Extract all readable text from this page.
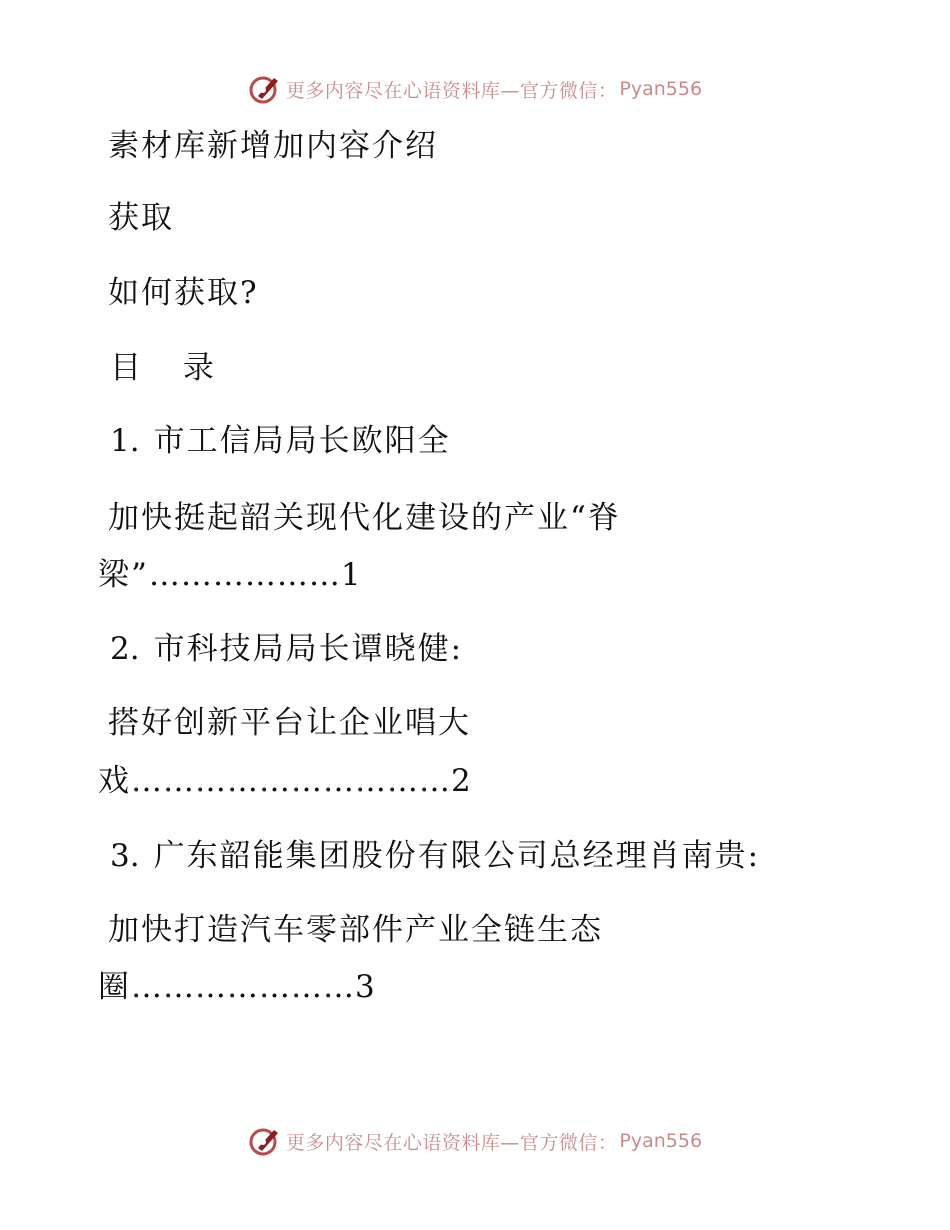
更多内容尽在心语资料库—官方微信： Pyan556
素材库新增加内容介绍
获取
如何获取?
目 录
1. 市工信局局长欧阳全
加快挺起韶关现代化建设的产业“脊
梁”………………1
2. 市科技局局长谭晓健:
搭好创新平台让企业唱大
戏…………………………2
3. 广东韶能集团股份有限公司总经理肖南贵:
加快打造汽车零部件产业全链生态
圈…………………3
更多内容尽在心语资料库—官方微信： Pyan556
